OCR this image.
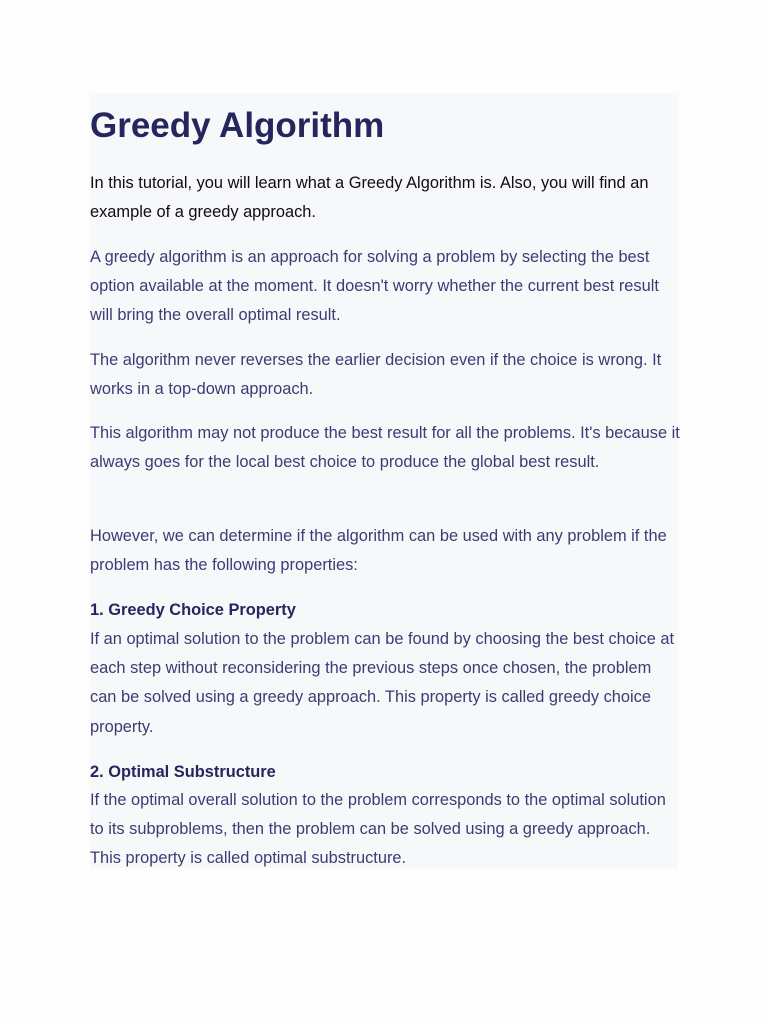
Greedy Algorithm

In this tutorial, you will learn what a Greedy Algorithm is. Also, you will find an example of a greedy approach.

A greedy algorithm is an approach for solving a problem by selecting the best option available at the moment. It doesn't worry whether the current best result will bring the overall optimal result.

The algorithm never reverses the earlier decision even if the choice is wrong. It works in a top-down approach.

This algorithm may not produce the best result for all the problems. It's because it always goes for the local best choice to produce the global best result.

However, we can determine if the algorithm can be used with any problem if the problem has the following properties:

1. Greedy Choice Property

If an optimal solution to the problem can be found by choosing the best choice at each step without reconsidering the previous steps once chosen, the problem can be solved using a greedy approach. This property is called greedy choice property.

2. Optimal Substructure

If the optimal overall solution to the problem corresponds to the optimal solution to its subproblems, then the problem can be solved using a greedy approach. This property is called optimal substructure.
